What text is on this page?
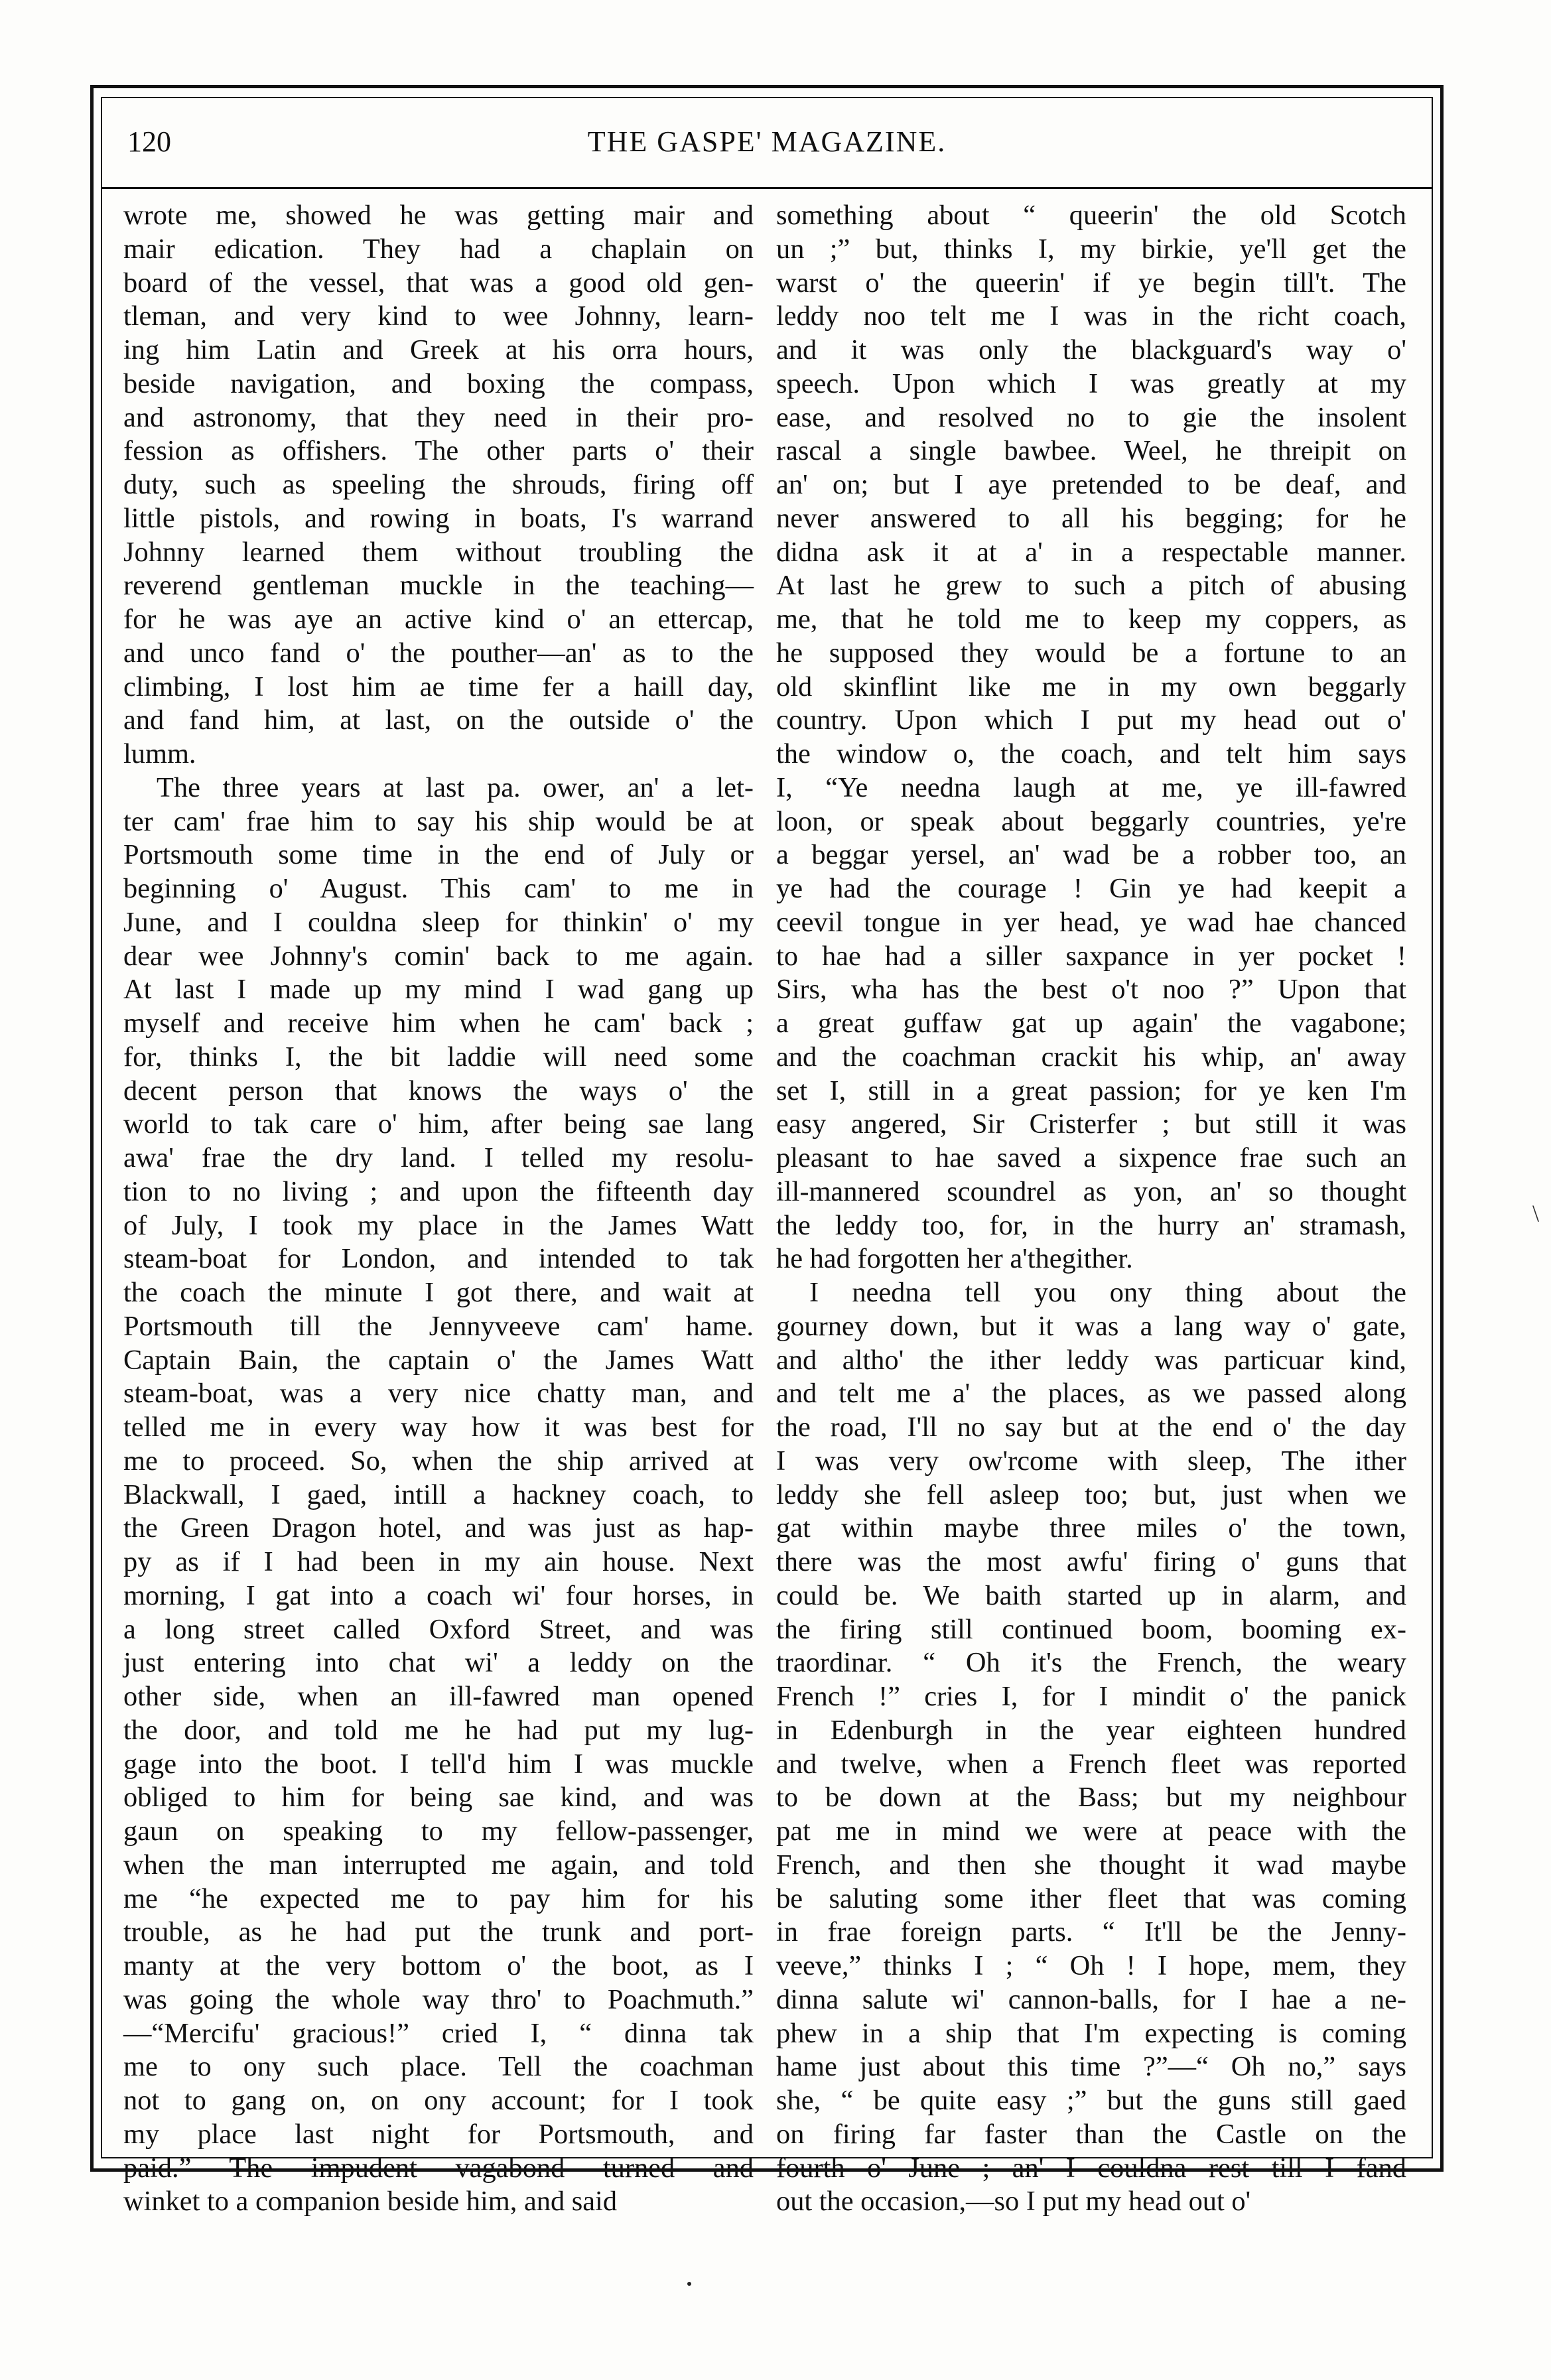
120	THE GASPE' MAGAZINE.
wrote me, showed he was getting mair and
mair edication. They had a chaplain on
board of the vessel, that was a good old gen-
tleman, and very kind to wee Johnny, learn-
ing him Latin and Greek at his orra hours,
beside navigation, and boxing the compass,
and astronomy, that they need in their pro-
fession as offishers. The other parts o' their
duty, such as speeling the shrouds, firing off
little pistols, and rowing in boats, I's warrand
Johnny learned them without troubling the
reverend gentleman muckle in the teaching—
for he was aye an active kind o' an ettercap,
and unco fand o' the pouther—an' as to the
climbing, I lost him ae time fer a haill day,
and fand him, at last, on the outside o' the
lumm.
The three years at last pa. ower, an' a let-
ter cam' frae him to say his ship would be at
Portsmouth some time in the end of July or
beginning o' August. This cam' to me in
June, and I couldna sleep for thinkin' o' my
dear wee Johnny's comin' back to me again.
At last I made up my mind I wad gang up
myself and receive him when he cam' back ;
for, thinks I, the bit laddie will need some
decent person that knows the ways o' the
world to tak care o' him, after being sae lang
awa' frae the dry land. I telled my resolu-
tion to no living ; and upon the fifteenth day
of July, I took my place in the James Watt
steam-boat for London, and intended to tak
the coach the minute I got there, and wait at
Portsmouth till the Jennyveeve cam' hame.
Captain Bain, the captain o' the James Watt
steam-boat, was a very nice chatty man, and
telled me in every way how it was best for
me to proceed. So, when the ship arrived at
Blackwall, I gaed, intill a hackney coach, to
the Green Dragon hotel, and was just as hap-
py as if I had been in my ain house. Next
morning, I gat into a coach wi' four horses, in
a long street called Oxford Street, and was
just entering into chat wi' a leddy on the
other side, when an ill-fawred man opened
the door, and told me he had put my lug-
gage into the boot. I tell'd him I was muckle
obliged to him for being sae kind, and was
gaun on speaking to my fellow-passenger,
when the man interrupted me again, and told
me “he expected me to pay him for his
trouble, as he had put the trunk and port-
manty at the very bottom o' the boot, as I
was going the whole way thro' to Poachmuth.”
—“Mercifu' gracious!” cried I, “ dinna tak
me to ony such place. Tell the coachman
not to gang on, on ony account; for I took
my place last night for Portsmouth, and
paid.” The impudent vagabond turned and
winket to a companion beside him, and said
something about “ queerin' the old Scotch
un ;” but, thinks I, my birkie, ye'll get the
warst o' the queerin' if ye begin till't. The
leddy noo telt me I was in the richt coach,
and it was only the blackguard's way o'
speech. Upon which I was greatly at my
ease, and resolved no to gie the insolent
rascal a single bawbee. Weel, he threipit on
an' on; but I aye pretended to be deaf, and
never answered to all his begging; for he
didna ask it at a' in a respectable manner.
At last he grew to such a pitch of abusing
me, that he told me to keep my coppers, as
he supposed they would be a fortune to an
old skinflint like me in my own beggarly
country. Upon which I put my head out o'
the window o, the coach, and telt him says
I, “Ye needna laugh at me, ye ill-fawred
loon, or speak about beggarly countries, ye're
a beggar yersel, an' wad be a robber too, an
ye had the courage ! Gin ye had keepit a
ceevil tongue in yer head, ye wad hae chanced
to hae had a siller saxpance in yer pocket !
Sirs, wha has the best o't noo ?” Upon that
a great guffaw gat up again' the vagabone;
and the coachman crackit his whip, an' away
set I, still in a great passion; for ye ken I'm
easy angered, Sir Cristerfer ; but still it was
pleasant to hae saved a sixpence frae such an
ill-mannered scoundrel as yon, an' so thought
the leddy too, for, in the hurry an' stramash,
he had forgotten her a'thegither.
I needna tell you ony thing about the
gourney down, but it was a lang way o' gate,
and altho' the ither leddy was particuar kind,
and telt me a' the places, as we passed along
the road, I'll no say but at the end o' the day
I was very ow'rcome with sleep, The ither
leddy she fell asleep too; but, just when we
gat within maybe three miles o' the town,
there was the most awfu' firing o' guns that
could be. We baith started up in alarm, and
the firing still continued boom, booming ex-
traordinar. “ Oh it's the French, the weary
French !” cries I, for I mindit o' the panick
in Edenburgh in the year eighteen hundred
and twelve, when a French fleet was reported
to be down at the Bass; but my neighbour
pat me in mind we were at peace with the
French, and then she thought it wad maybe
be saluting some ither fleet that was coming
in frae foreign parts. “ It'll be the Jenny-
veeve,” thinks I ; “ Oh ! I hope, mem, they
dinna salute wi' cannon-balls, for I hae a ne-
phew in a ship that I'm expecting is coming
hame just about this time ?”—“ Oh no,” says
she, “ be quite easy ;” but the guns still gaed
on firing far faster than the Castle on the
fourth o' June ; an' I couldna rest till I fand
out the occasion,—so I put my head out o'
\
